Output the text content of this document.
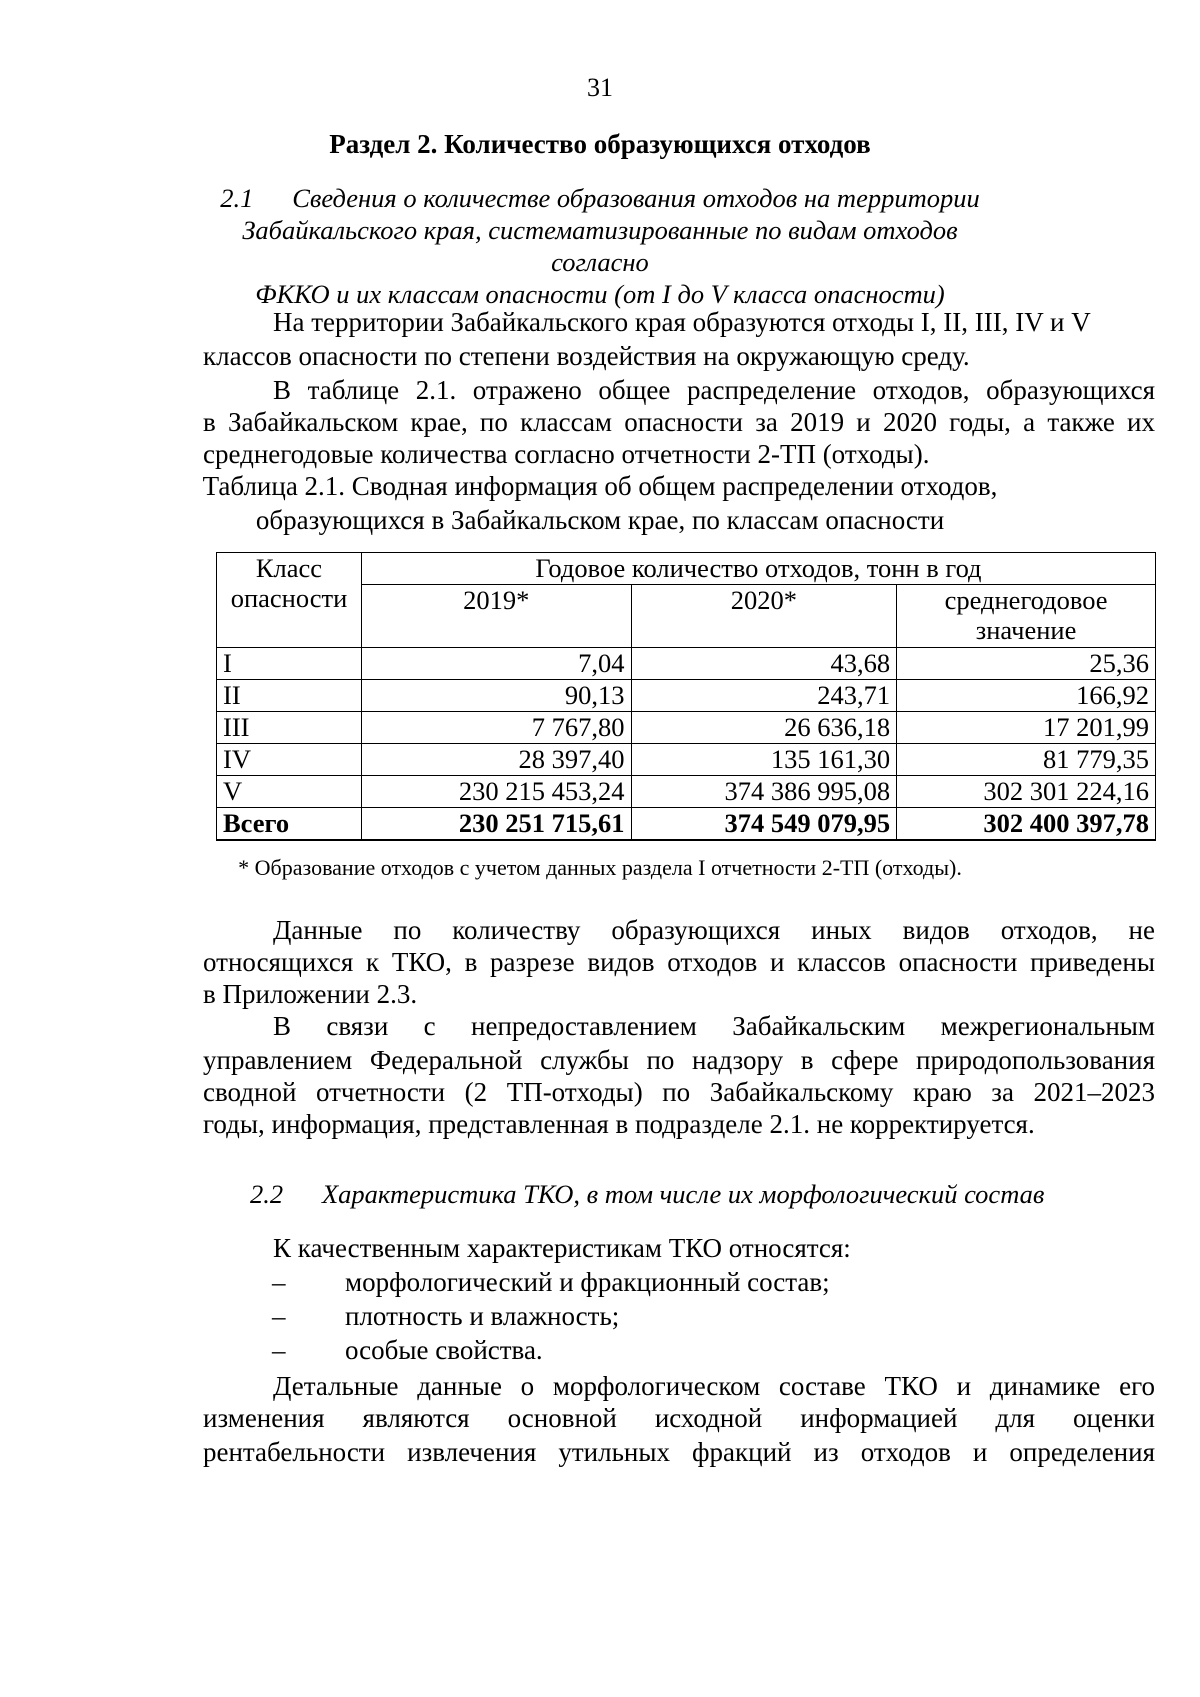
31
Раздел 2. Количество образующихся отходов
2.1 Сведения о количестве образования отходов на территории
Забайкальского края, систематизированные по видам отходов согласно
ФККО и их классам опасности (от I до V класса опасности)
На территории Забайкальского края образуются отходы I, II, III, IV и V
классов опасности по степени воздействия на окружающую среду.
В таблице 2.1. отражено общее распределение отходов, образующихся
в Забайкальском крае, по классам опасности за 2019 и 2020 годы, а также их
среднегодовые количества согласно отчетности 2-ТП (отходы).
Таблица 2.1. Сводная информация об общем распределении отходов,
образующихся в Забайкальском крае, по классам опасности
Класс
опасности	Годовое количество отходов, тонн в год		
	2019*	2020*	среднегодовое
значение

I	7,04	43,68	25,36
II	90,13	243,71	166,92
III	7 767,80	26 636,18	17 201,99
IV	28 397,40	135 161,30	81 779,35
V	230 215 453,24	374 386 995,08	302 301 224,16
Всего	230 251 715,61	374 549 079,95	302 400 397,78
* Образование отходов с учетом данных раздела I отчетности 2-ТП (отходы).
Данные по количеству образующихся иных видов отходов, не
относящихся к ТКО, в разрезе видов отходов и классов опасности приведены
в Приложении 2.3.
В связи с непредоставлением Забайкальским межрегиональным
управлением Федеральной службы по надзору в сфере природопользования
сводной отчетности (2 ТП-отходы) по Забайкальскому краю за 2021–2023
годы, информация, представленная в подразделе 2.1. не корректируется.
2.2 Характеристика ТКО, в том числе их морфологический состав
К качественным характеристикам ТКО относятся:
– морфологический и фракционный состав;
– плотность и влажность;
– особые свойства.
Детальные данные о морфологическом составе ТКО и динамике его
изменения являются основной исходной информацией для оценки
рентабельности извлечения утильных фракций из отходов и определения
